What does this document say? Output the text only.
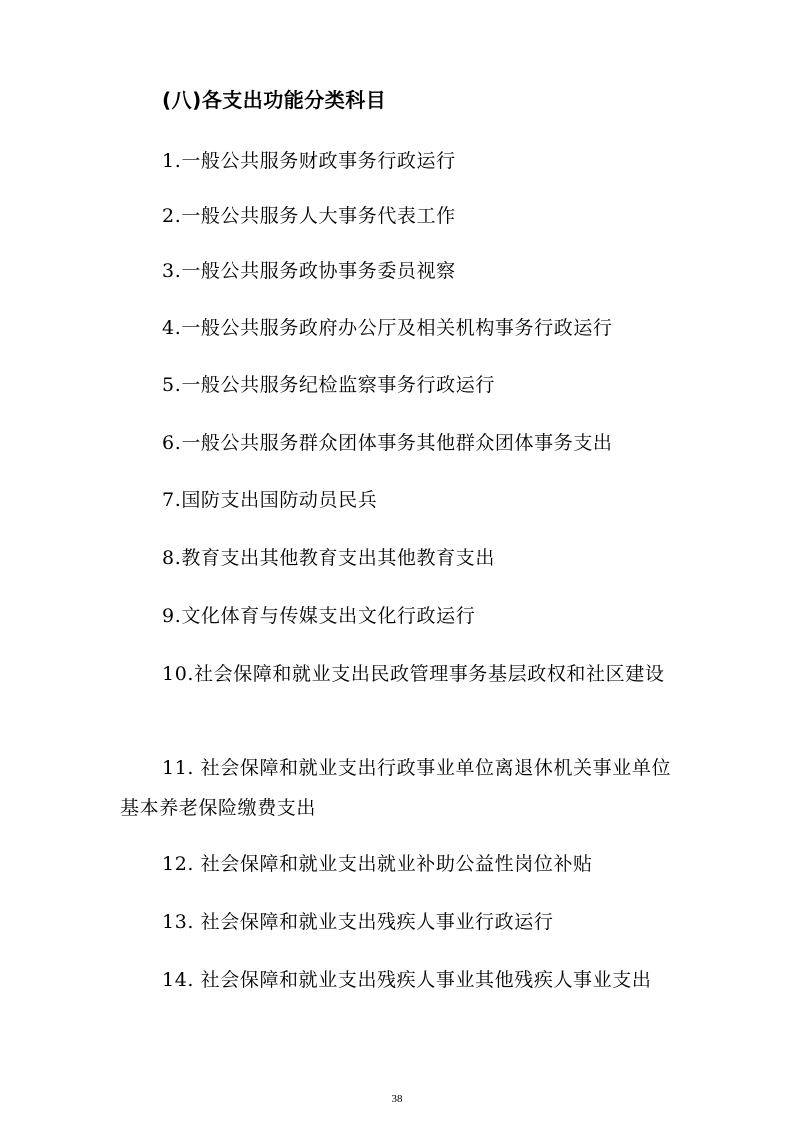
(八)各支出功能分类科目

1.一般公共服务财政事务行政运行

2.一般公共服务人大事务代表工作

3.一般公共服务政协事务委员视察

4.一般公共服务政府办公厅及相关机构事务行政运行

5.一般公共服务纪检监察事务行政运行

6.一般公共服务群众团体事务其他群众团体事务支出

7.国防支出国防动员民兵

8.教育支出其他教育支出其他教育支出

9.文化体育与传媒支出文化行政运行

10.社会保障和就业支出民政管理事务基层政权和社区建设

11. 社会保障和就业支出行政事业单位离退休机关事业单位基本养老保险缴费支出

12. 社会保障和就业支出就业补助公益性岗位补贴

13. 社会保障和就业支出残疾人事业行政运行

14. 社会保障和就业支出残疾人事业其他残疾人事业支出

38
